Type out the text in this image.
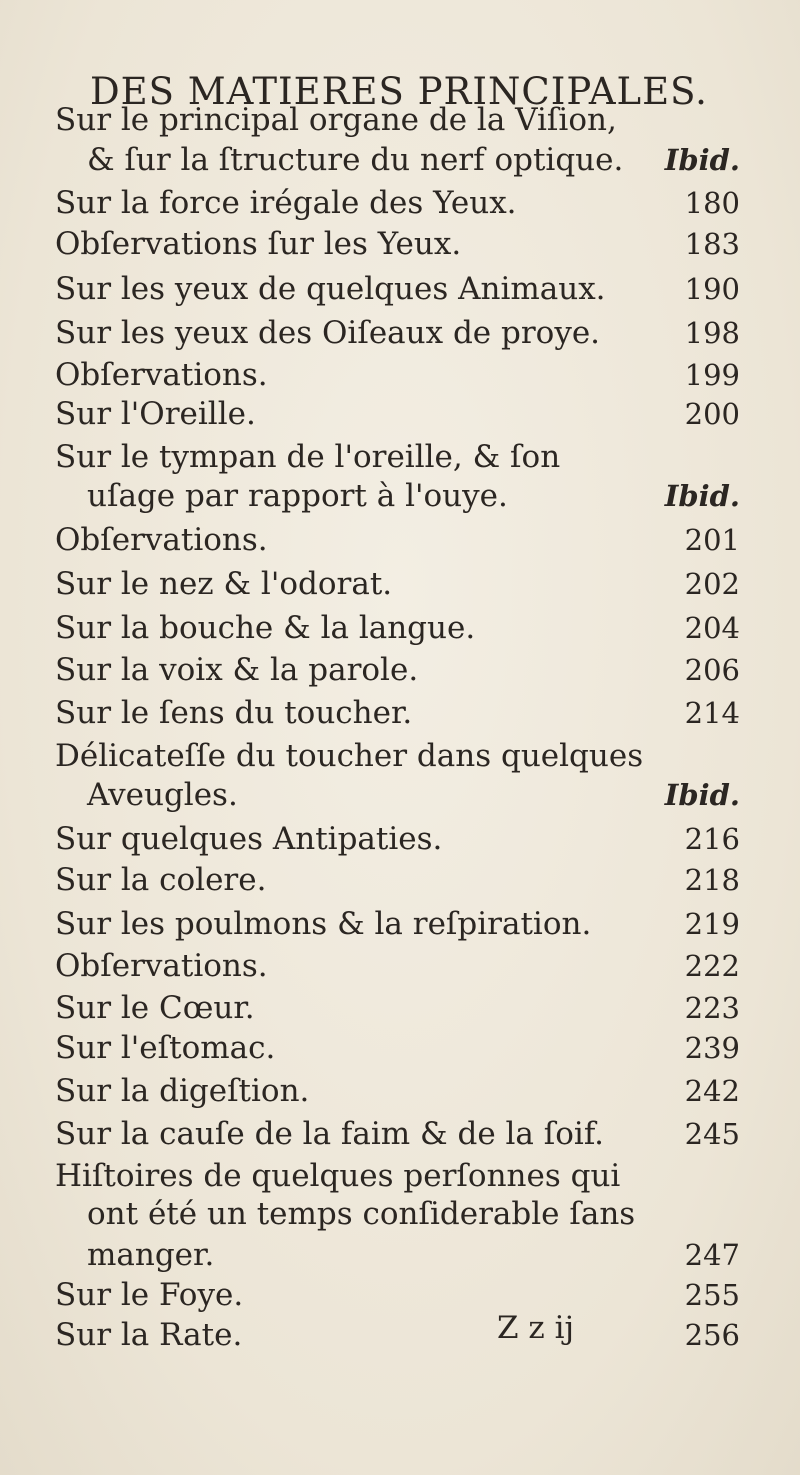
DES MATIERES PRINCIPALES.
Sur le principal organe de la Viſion,
& ſur la ſtructure du nerf optique. Ibid.
Sur la force irégale des Yeux.	180
Obſervations ſur les Yeux.	183
Sur les yeux de quelques Animaux.	190
Sur les yeux des Oiſeaux de proye.	198
Obſervations.	199
Sur l'Oreille.	200
Sur le tympan de l'oreille, & ſon
uſage par rapport à l'ouye.	Ibid.
Obſervations.	201
Sur le nez & l'odorat.	202
Sur la bouche & la langue.	204
Sur la voix & la parole.	206
Sur le ſens du toucher.	214
Délicateſſe du toucher dans quelques
Aveugles.	Ibid.
Sur quelques Antipaties.	216
Sur la colere.	218
Sur les poulmons & la reſpiration.	219
Obſervations.	222
Sur le Cœur.	223
Sur l'eſtomac.	239
Sur la digeſtion.	242
Sur la cauſe de la faim & de la ſoif.	245
Hiſtoires de quelques perſonnes qui
ont été un temps conſiderable ſans
manger.	247
Sur le Foye.	255
Sur la Rate.	256
Z z ij
